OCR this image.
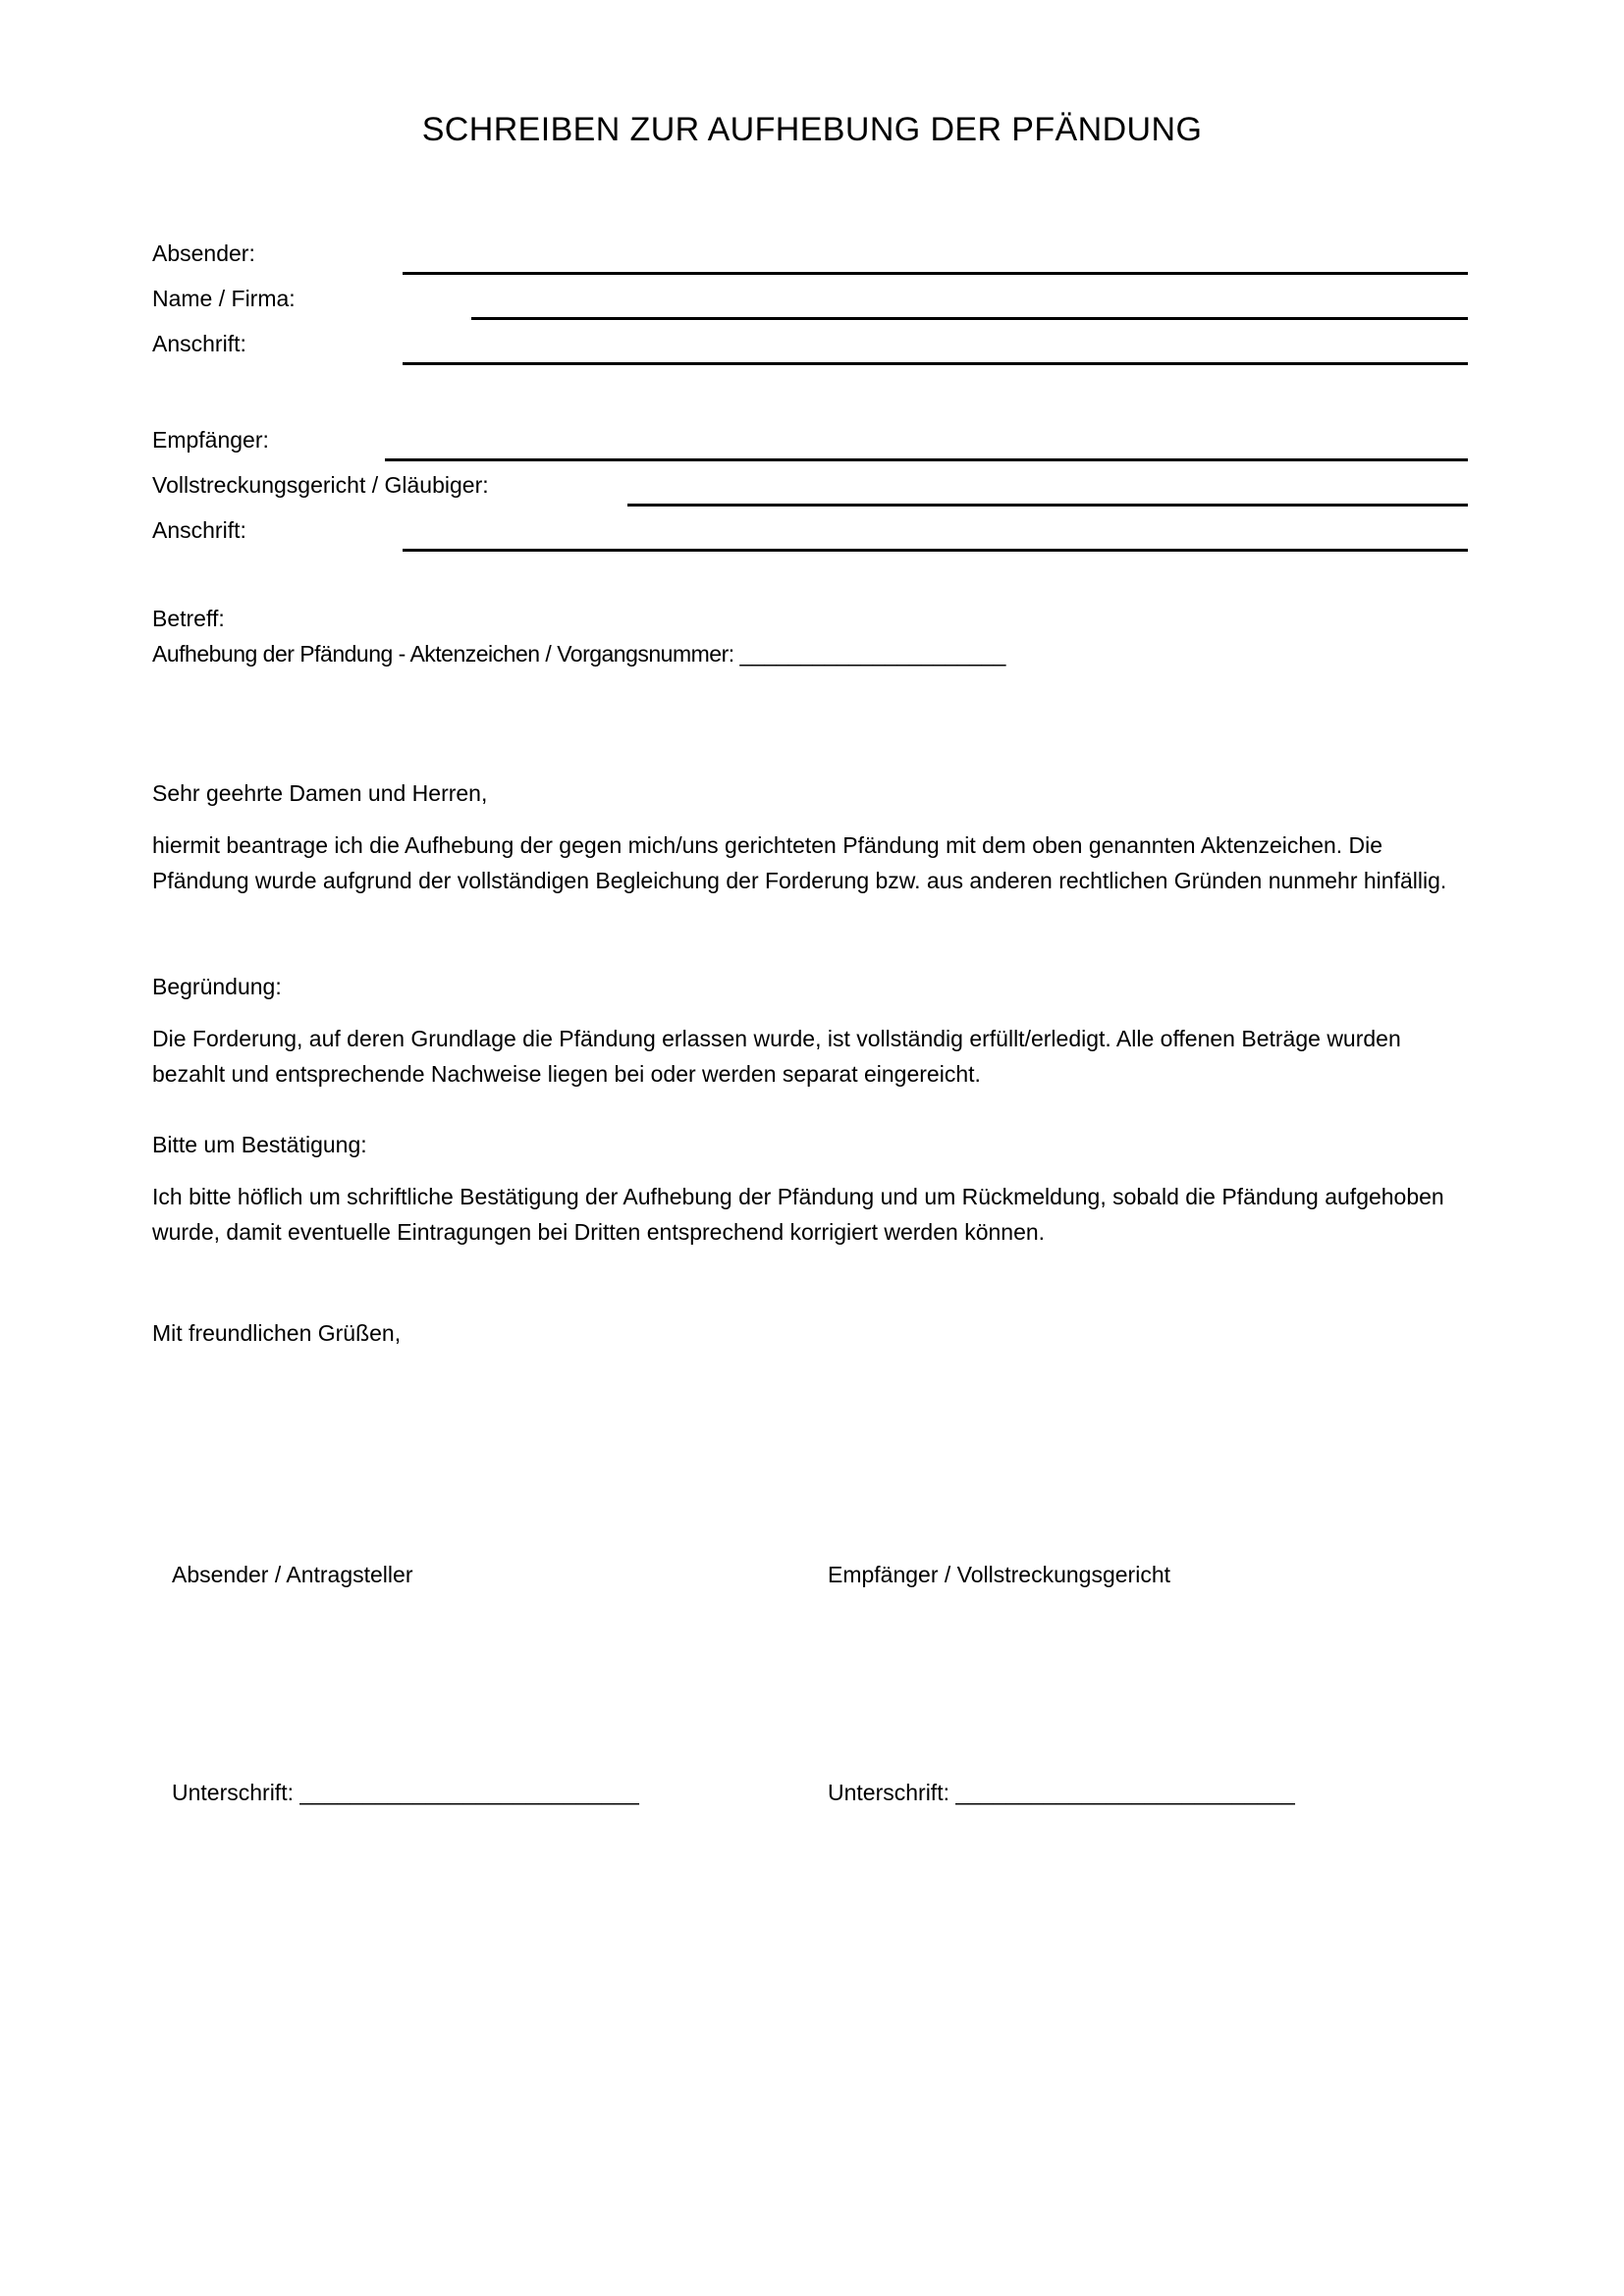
SCHREIBEN ZUR AUFHEBUNG DER PFÄNDUNG
Absender:
Name / Firma:
Anschrift:
Empfänger:
Vollstreckungsgericht / Gläubiger:
Anschrift:
Betreff:
Aufhebung der Pfändung - Aktenzeichen / Vorgangsnummer: ______________________
Sehr geehrte Damen und Herren,
hiermit beantrage ich die Aufhebung der gegen mich/uns gerichteten Pfändung mit dem oben genannten Aktenzeichen. Die Pfändung wurde aufgrund der vollständigen Begleichung der Forderung bzw. aus anderen rechtlichen Gründen nunmehr hinfällig.
Begründung:
Die Forderung, auf deren Grundlage die Pfändung erlassen wurde, ist vollständig erfüllt/erledigt. Alle offenen Beträge wurden bezahlt und entsprechende Nachweise liegen bei oder werden separat eingereicht.
Bitte um Bestätigung:
Ich bitte höflich um schriftliche Bestätigung der Aufhebung der Pfändung und um Rückmeldung, sobald die Pfändung aufgehoben wurde, damit eventuelle Eintragungen bei Dritten entsprechend korrigiert werden können.
Mit freundlichen Grüßen,
Absender / Antragsteller	Empfänger / Vollstreckungsgericht
Unterschrift: ___________________________	Unterschrift: ___________________________
